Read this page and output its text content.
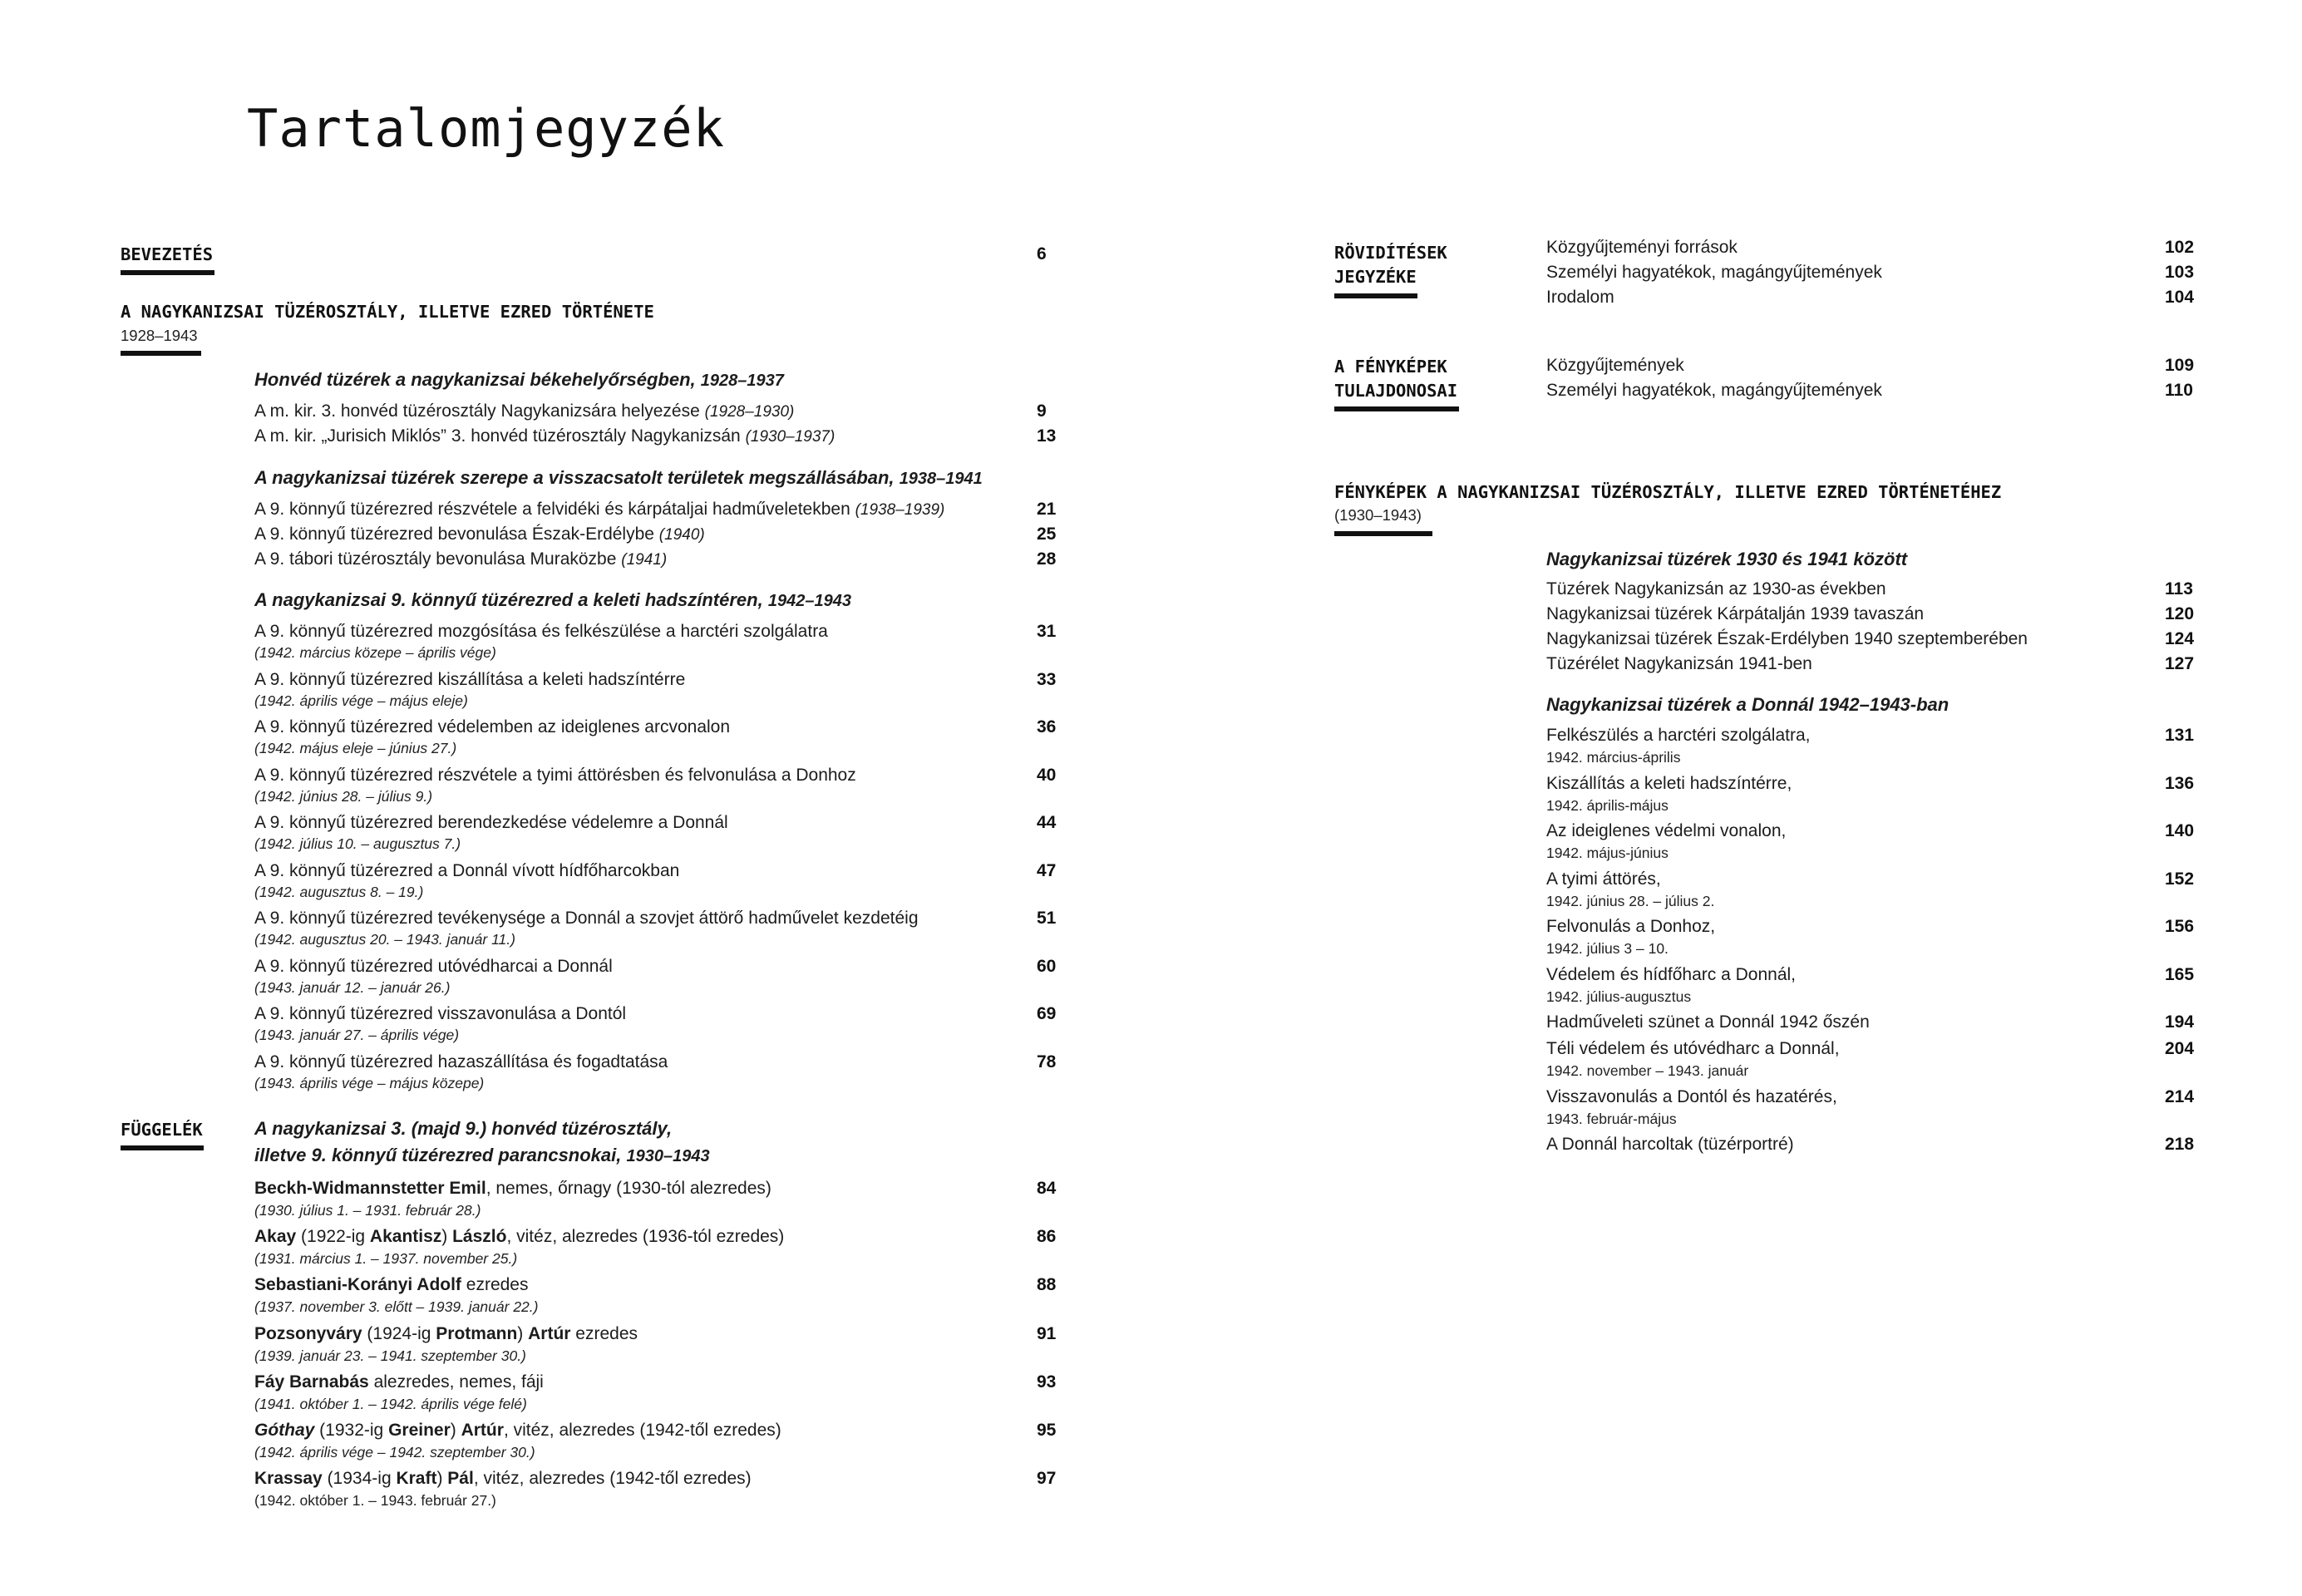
Tartalomjegyzék
BEVEZETÉS	6
A NAGYKANIZSAI TÜZÉROSZTÁLY, ILLETVE EZRED TÖRTÉNETE
1928–1943
Honvéd tüzérek a nagykanizsai békehelyőrségben, 1928–1937
A m. kir. 3. honvéd tüzérosztály Nagykanizsára helyezése (1928–1930)	9
A m. kir. „Jurisich Miklós” 3. honvéd tüzérosztály Nagykanizsán (1930–1937)	13
A nagykanizsai tüzérek szerepe a visszacsatolt területek megszállásában, 1938–1941
A 9. könnyű tüzérezred részvétele a felvidéki és kárpátaljai hadműveletekben (1938–1939)	21
A 9. könnyű tüzérezred bevonulása Észak-Erdélybe (1940)	25
A 9. tábori tüzérosztály bevonulása Muraközbe (1941)	28
A nagykanizsai 9. könnyű tüzérezred a keleti hadszíntéren, 1942–1943
A 9. könnyű tüzérezred mozgósítása és felkészülése a harctéri szolgálatra	31
(1942. március közepe – április vége)
A 9. könnyű tüzérezred kiszállítása a keleti hadszíntérre	33
(1942. április vége – május eleje)
A 9. könnyű tüzérezred védelemben az ideiglenes arcvonalon	36
(1942. május eleje – június 27.)
A 9. könnyű tüzérezred részvétele a tyimi áttörésben és felvonulása a Donhoz	40
(1942. június 28. – július 9.)
A 9. könnyű tüzérezred berendezkedése védelemre a Donnál	44
(1942. július 10. – augusztus 7.)
A 9. könnyű tüzérezred a Donnál vívott hídfőharcokban	47
(1942. augusztus 8. – 19.)
A 9. könnyű tüzérezred tevékenysége a Donnál a szovjet áttörő hadművelet kezdetéig	51
(1942. augusztus 20. – 1943. január 11.)
A 9. könnyű tüzérezred utóvédharcai a Donnál	60
(1943. január 12. – január 26.)
A 9. könnyű tüzérezred visszavonulása a Dontól	69
(1943. január 27. – április vége)
A 9. könnyű tüzérezred hazaszállítása és fogadtatása	78
(1943. április vége – május közepe)
FÜGGELÉK	A nagykanizsai 3. (majd 9.) honvéd tüzérosztály,
illetve 9. könnyű tüzérezred parancsnokai, 1930–1943
Beckh-Widmannstetter Emil, nemes, őrnagy (1930-tól alezredes)	84
(1930. július 1. – 1931. február 28.)
Akay (1922-ig Akantisz) László, vitéz, alezredes (1936-tól ezredes)	86
(1931. március 1. – 1937. november 25.)
Sebastiani-Korányi Adolf ezredes	88
(1937. november 3. előtt – 1939. január 22.)
Pozsonyváry (1924-ig Protmann) Artúr ezredes	91
(1939. január 23. – 1941. szeptember 30.)
Fáy Barnabás alezredes, nemes, fáji	93
(1941. október 1. – 1942. április vége felé)
Góthay (1932-ig Greiner) Artúr, vitéz, alezredes (1942-től ezredes)	95
(1942. április vége – 1942. szeptember 30.)
Krassay (1934-ig Kraft) Pál, vitéz, alezredes (1942-től ezredes)	97
(1942. október 1. – 1943. február 27.)
RÖVIDÍTÉSEK
JEGYZÉKE
Közgyűjteményi források	102
Személyi hagyatékok, magángyűjtemények	103
Irodalom	104
A FÉNYKÉPEK
TULAJDONOSAI
Közgyűjtemények	109
Személyi hagyatékok, magángyűjtemények	110
FÉNYKÉPEK A NAGYKANIZSAI TÜZÉROSZTÁLY, ILLETVE EZRED TÖRTÉNETÉHEZ
(1930–1943)
Nagykanizsai tüzérek 1930 és 1941 között
Tüzérek Nagykanizsán az 1930-as években	113
Nagykanizsai tüzérek Kárpátalján 1939 tavaszán	120
Nagykanizsai tüzérek Észak-Erdélyben 1940 szeptemberében	124
Tüzérélet Nagykanizsán 1941-ben	127
Nagykanizsai tüzérek a Donnál 1942–1943-ban
Felkészülés a harctéri szolgálatra,	131
1942. március-április
Kiszállítás a keleti hadszíntérre,	136
1942. április-május
Az ideiglenes védelmi vonalon,	140
1942. május-június
A tyimi áttörés,	152
1942. június 28. – július 2.
Felvonulás a Donhoz,	156
1942. július 3 – 10.
Védelem és hídfőharc a Donnál,	165
1942. július-augusztus
Hadműveleti szünet a Donnál 1942 őszén	194
Téli védelem és utóvédharc a Donnál,	204
1942. november – 1943. január
Visszavonulás a Dontól és hazatérés,	214
1943. február-május
A Donnál harcoltak (tüzérportré)	218
